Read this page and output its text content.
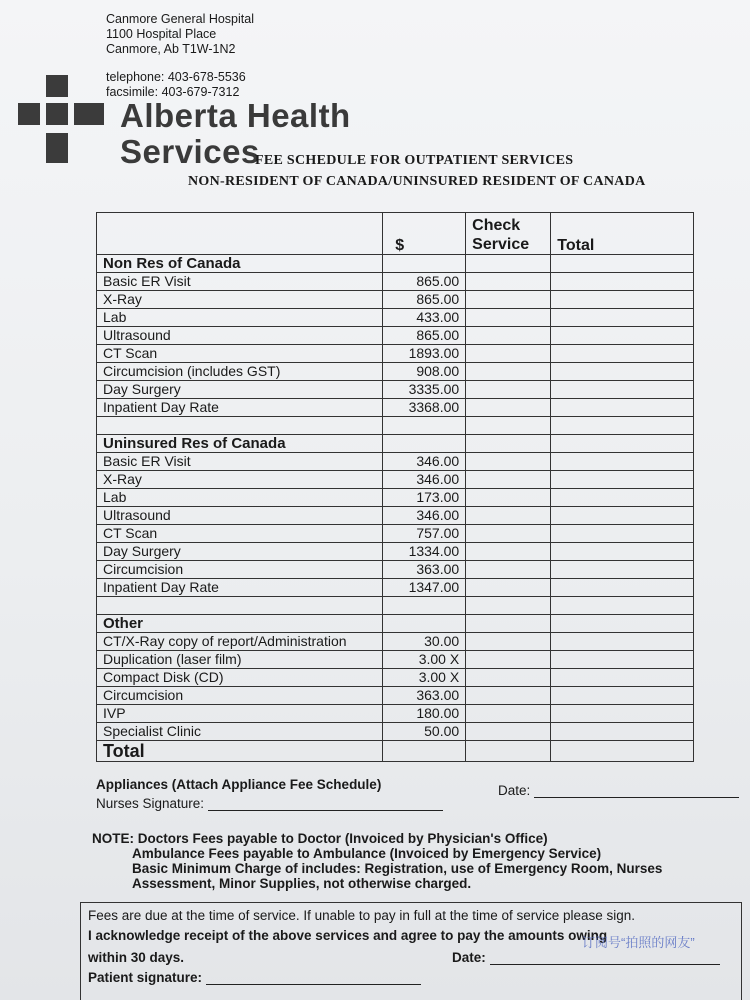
Canmore General Hospital
1100 Hospital Place
Canmore, Ab T1W-1N2
telephone: 403-678-5536
facsimile: 403-679-7312
Alberta Health
Services
FEE SCHEDULE FOR OUTPATIENT SERVICES
NON-RESIDENT OF CANADA/UNINSURED RESIDENT OF CANADA
	$	Check Service	Total
Non Res of Canada			
Basic ER Visit	865.00		
X-Ray	865.00		
Lab	433.00		
Ultrasound	865.00		
CT Scan	1893.00		
Circumcision (includes GST)	908.00		
Day Surgery	3335.00		
Inpatient Day Rate	3368.00		

Uninsured Res of Canada			
Basic ER Visit	346.00		
X-Ray	346.00		
Lab	173.00		
Ultrasound	346.00		
CT Scan	757.00		
Day Surgery	1334.00		
Circumcision	363.00		
Inpatient Day Rate	1347.00		

Other			
CT/X-Ray copy of report/Administration	30.00		
Duplication (laser film)	3.00 X		
Compact Disk (CD)	3.00 X		
Circumcision	363.00		
IVP	180.00		
Specialist Clinic	50.00		
Total			
Appliances (Attach Appliance Fee Schedule)
Nurses Signature:
Date:
NOTE: Doctors Fees payable to Doctor (Invoiced by Physician's Office)
Ambulance Fees payable to Ambulance (Invoiced by Emergency Service)
Basic Minimum Charge of includes: Registration, use of Emergency Room, Nurses
Assessment, Minor Supplies, not otherwise charged.
Fees are due at the time of service. If unable to pay in full at the time of service please sign.
I acknowledge receipt of the above services and agree to pay the amounts owing
within 30 days.
Patient signature:
Date:
订阅号“拍照的网友”
